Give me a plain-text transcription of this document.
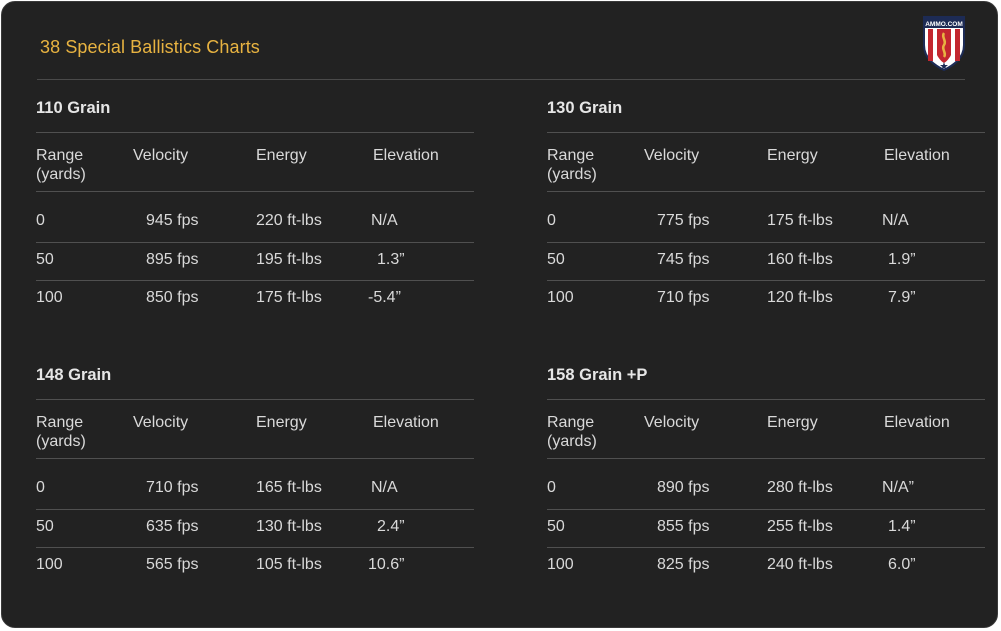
38 Special Ballistics Charts
AMMO.COM
110 Grain
Range
(yards)
Velocity	Energy	Elevation
0	945 fps	220 ft-lbs	N/A
50	895 fps	195 ft-lbs	1.3”
100	850 fps	175 ft-lbs	-5.4”
130 Grain
Range
(yards)
Velocity	Energy	Elevation
0	775 fps	175 ft-lbs	N/A
50	745 fps	160 ft-lbs	1.9”
100	710 fps	120 ft-lbs	7.9”
148 Grain
Range
(yards)
Velocity	Energy	Elevation
0	710 fps	165 ft-lbs	N/A
50	635 fps	130 ft-lbs	2.4”
100	565 fps	105 ft-lbs	10.6”
158 Grain +P
Range
(yards)
Velocity	Energy	Elevation
0	890 fps	280 ft-lbs	N/A”
50	855 fps	255 ft-lbs	1.4”
100	825 fps	240 ft-lbs	6.0”
